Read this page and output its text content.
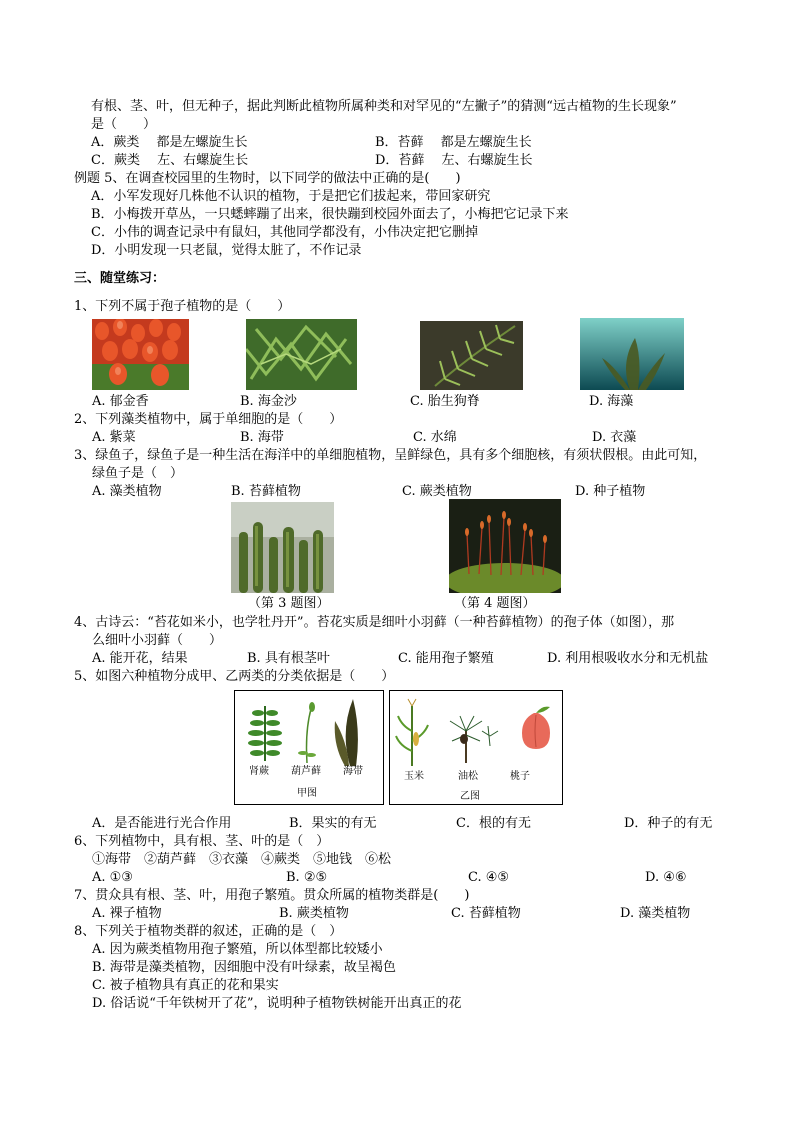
有根、茎、叶，但无种子，据此判断此植物所属种类和对罕见的“左撇子”的猜测“远古植物的生长现象”
是（　　）
A．蕨类　 都是左螺旋生长	B．苔藓　 都是左螺旋生长
C．蕨类　 左、右螺旋生长	D．苔藓　 左、右螺旋生长
例题 5、在调查校园里的生物时，以下同学的做法中正确的是(　　)
A．小军发现好几株他不认识的植物，于是把它们拔起来，带回家研究
B．小梅拨开草丛，一只蟋蟀蹦了出来，很快蹦到校园外面去了，小梅把它记录下来
C．小伟的调查记录中有鼠妇，其他同学都没有，小伟决定把它删掉
D．小明发现一只老鼠，觉得太脏了，不作记录
三、随堂练习：
1、下列不属于孢子植物的是（　　）
A. 郁金香	B. 海金沙	C. 胎生狗脊	D. 海藻
2、下列藻类植物中，属于单细胞的是（　　）
A. 紫菜	B. 海带	C. 水绵	D. 衣藻
3、绿鱼子，绿鱼子是一种生活在海洋中的单细胞植物，呈鲜绿色，具有多个细胞核，有须状假根。由此可知，
绿鱼子是（　）
A. 藻类植物	B. 苔藓植物	C. 蕨类植物	D. 种子植物
（第 3 题图）	（第 4 题图）
4、古诗云：“苔花如米小，也学牡丹开”。苔花实质是细叶小羽藓（一种苔藓植物）的孢子体（如图），那
么细叶小羽藓（　　）
A. 能开花，结果	B. 具有根茎叶	C. 能用孢子繁殖	D. 利用根吸收水分和无机盐
5、如图六种植物分成甲、乙两类的分类依据是（　　）
肾蕨 葫芦藓 海带
甲图
玉米	油松	桃子
乙图
A．是否能进行光合作用	B．果实的有无	C．根的有无	D．种子的有无
6、下列植物中，具有根、茎、叶的是（　）
①海带　②葫芦藓　③衣藻　④蕨类　⑤地钱　⑥松
A. ①③	B. ②⑤	C. ④⑤	D. ④⑥
7、贯众具有根、茎、叶，用孢子繁殖。贯众所属的植物类群是(　　)
A. 裸子植物	B. 蕨类植物	C. 苔藓植物	D. 藻类植物
8、下列关于植物类群的叙述，正确的是（　）
A. 因为蕨类植物用孢子繁殖，所以体型都比较矮小
B. 海带是藻类植物，因细胞中没有叶绿素，故呈褐色
C. 被子植物具有真正的花和果实
D. 俗话说“千年铁树开了花”，说明种子植物铁树能开出真正的花
